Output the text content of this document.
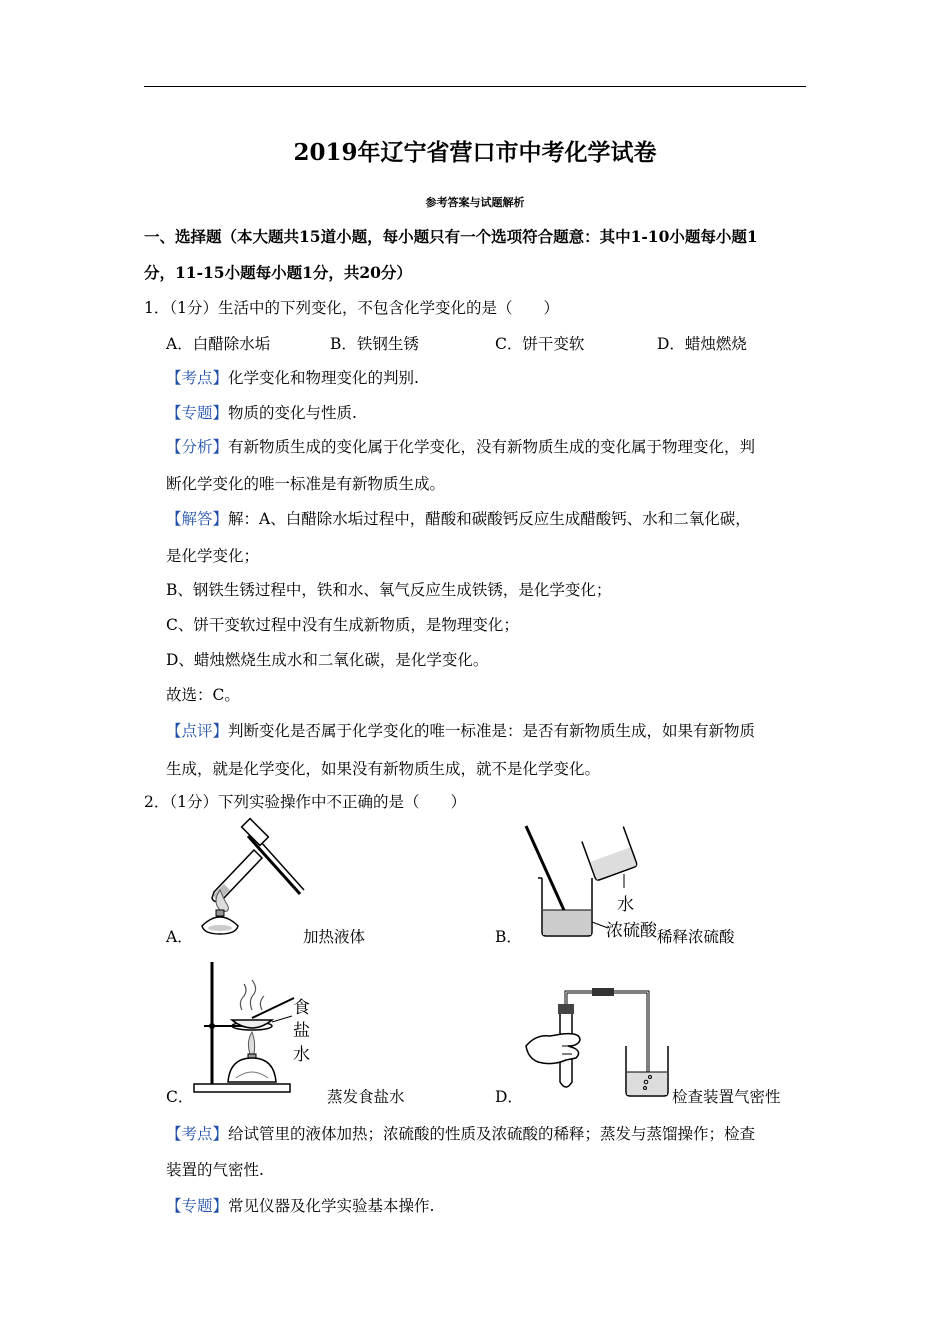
2019年辽宁省营口市中考化学试卷
参考答案与试题解析
一、选择题（本大题共15道小题，每小题只有一个选项符合题意：其中1-10小题每小题1
分，11-15小题每小题1分，共20分）
1．（1分）生活中的下列变化，不包含化学变化的是（　　）
A．白醋除水垢	B．铁钢生锈	C．饼干变软	D．蜡烛燃烧
【考点】化学变化和物理变化的判别.
【专题】物质的变化与性质.
【分析】有新物质生成的变化属于化学变化，没有新物质生成的变化属于物理变化，判
断化学变化的唯一标准是有新物质生成。
【解答】解：A、白醋除水垢过程中，醋酸和碳酸钙反应生成醋酸钙、水和二氧化碳，
是化学变化；
B、钢铁生锈过程中，铁和水、氧气反应生成铁锈，是化学变化；
C、饼干变软过程中没有生成新物质，是物理变化；
D、蜡烛燃烧生成水和二氧化碳，是化学变化。
故选：C。
【点评】判断变化是否属于化学变化的唯一标准是：是否有新物质生成，如果有新物质
生成，就是化学变化，如果没有新物质生成，就不是化学变化。
2．（1分）下列实验操作中不正确的是（　　）
A．	加热液体
水
浓硫酸
B．	稀释浓硫酸
食
盐
水
C．	蒸发食盐水	D．	检查装置气密性
【考点】给试管里的液体加热；浓硫酸的性质及浓硫酸的稀释；蒸发与蒸馏操作；检查
装置的气密性.
【专题】常见仪器及化学实验基本操作.
